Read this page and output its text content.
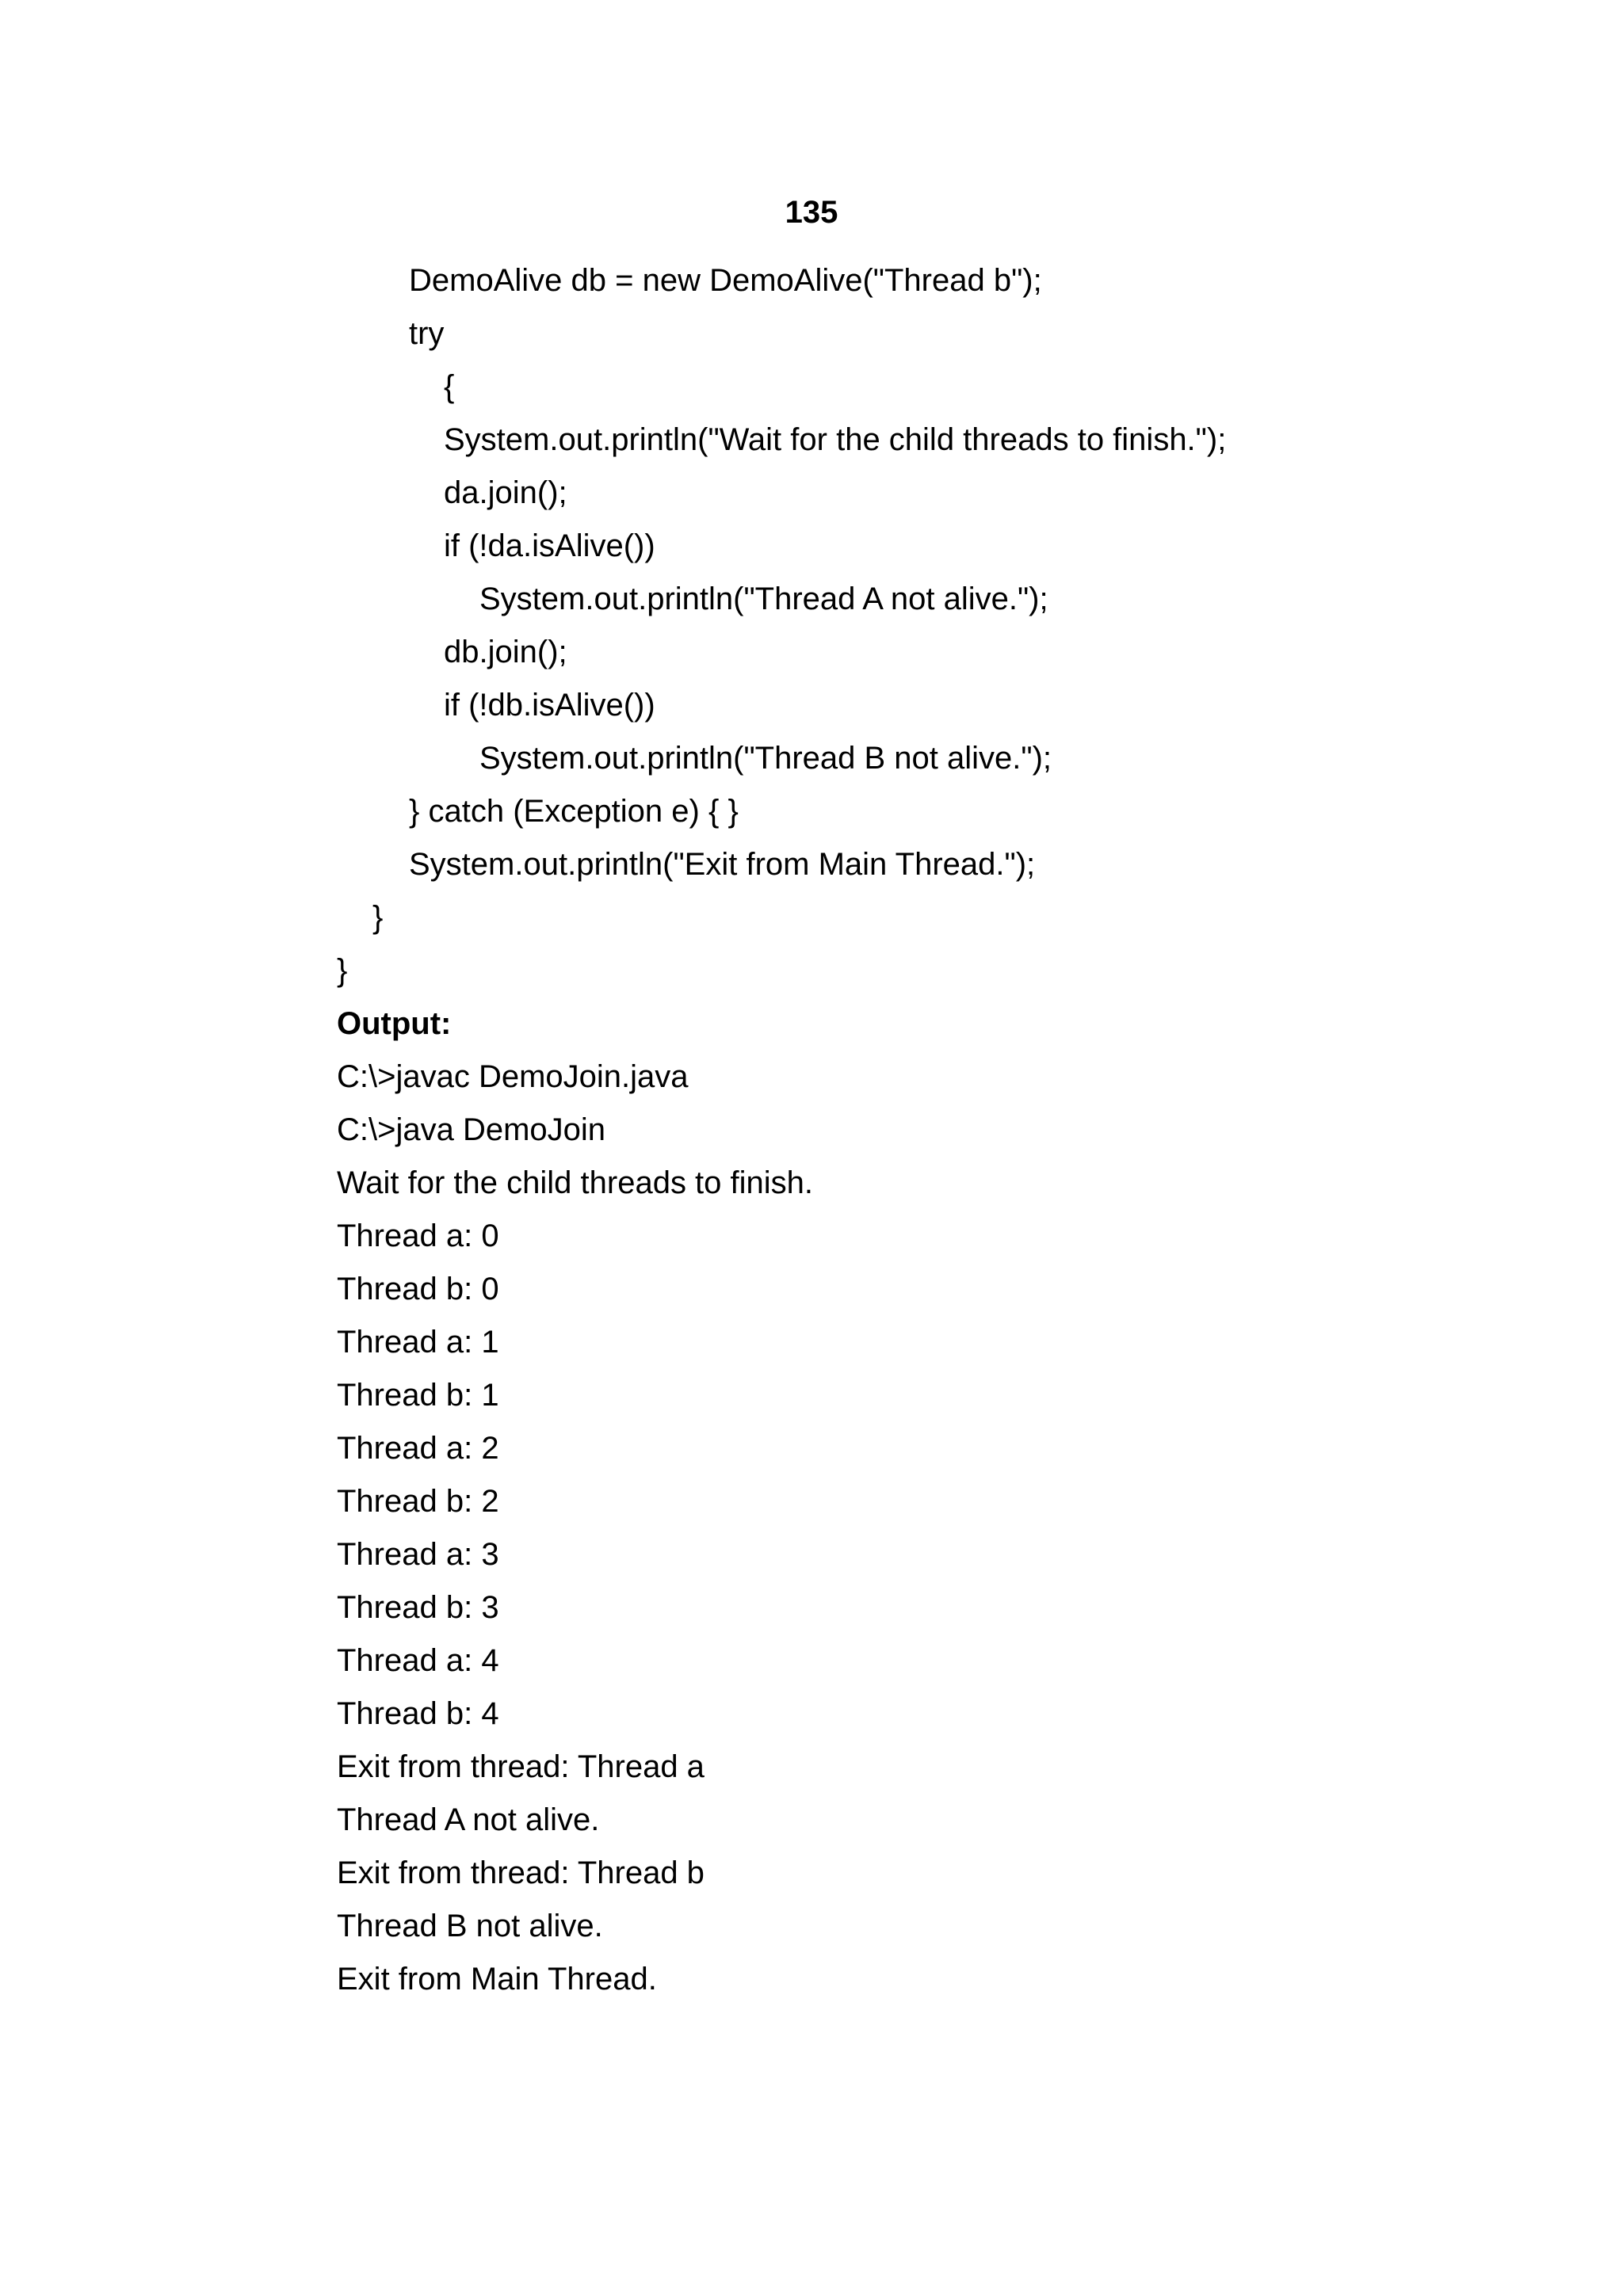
135
DemoAlive db = new DemoAlive("Thread b");
try
{
System.out.println("Wait for the child threads to finish.");
da.join();
if (!da.isAlive())
System.out.println("Thread A not alive.");
db.join();
if (!db.isAlive())
System.out.println("Thread B not alive.");
} catch (Exception e) { }
System.out.println("Exit from Main Thread.");
}
}
Output:
C:\>javac DemoJoin.java
C:\>java DemoJoin
Wait for the child threads to finish.
Thread a: 0
Thread b: 0
Thread a: 1
Thread b: 1
Thread a: 2
Thread b: 2
Thread a: 3
Thread b: 3
Thread a: 4
Thread b: 4
Exit from thread: Thread a
Thread A not alive.
Exit from thread: Thread b
Thread B not alive.
Exit from Main Thread.
